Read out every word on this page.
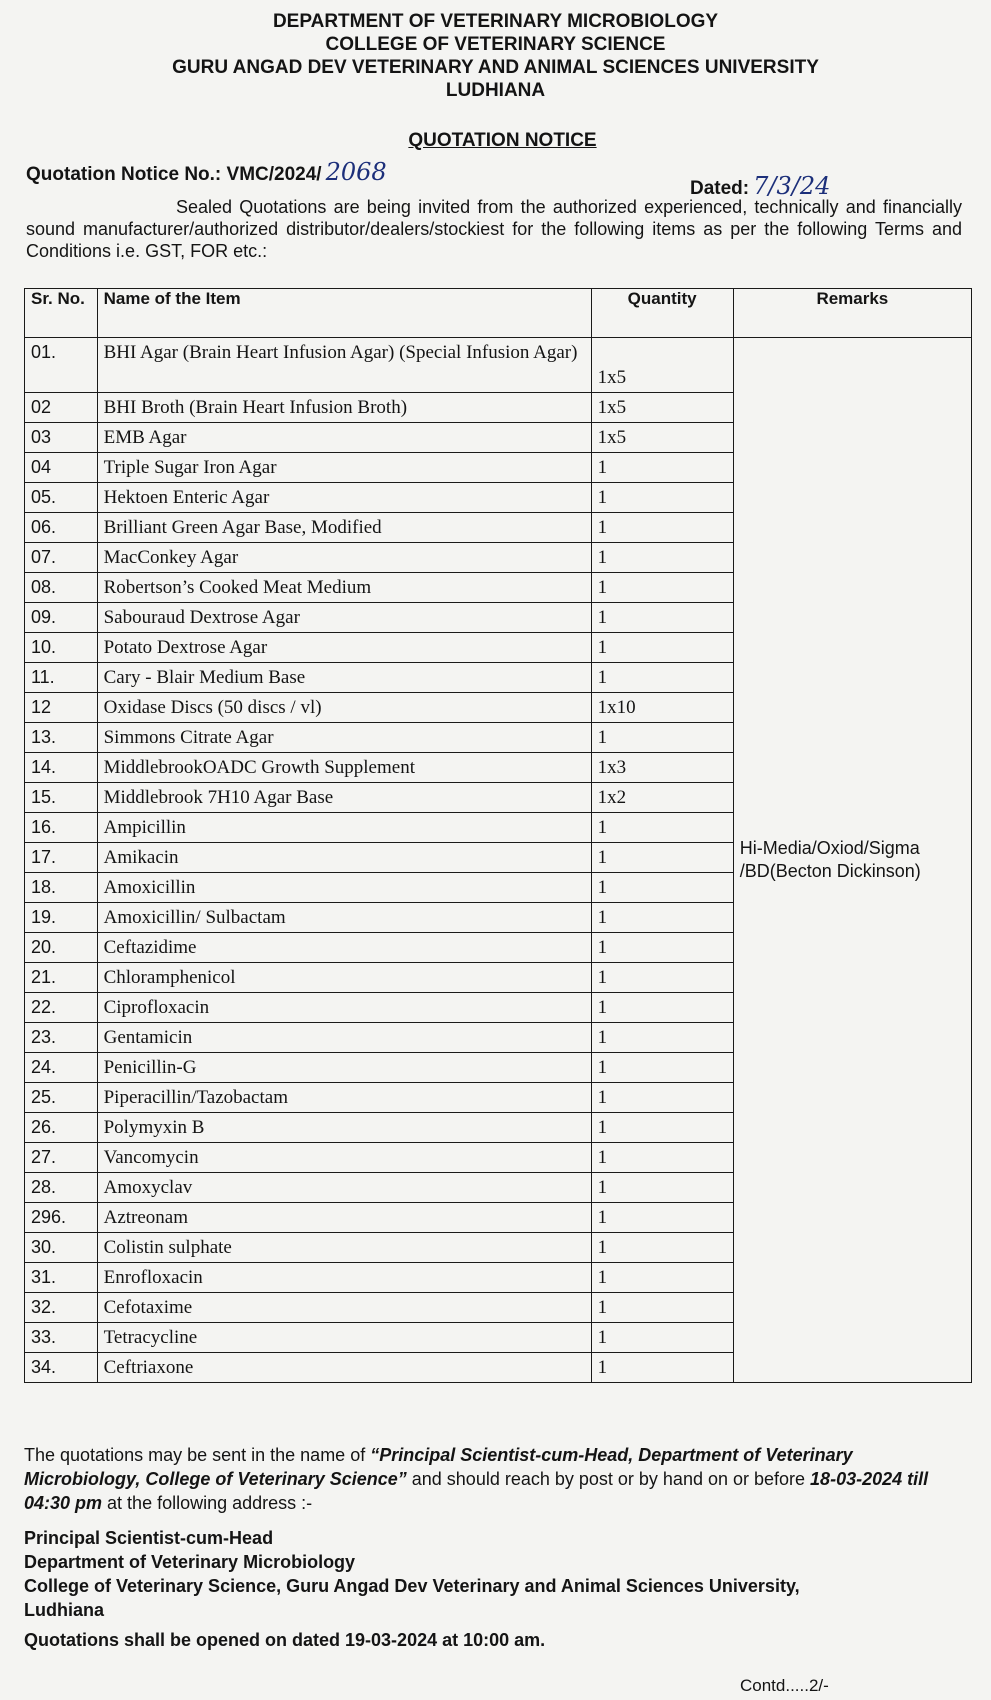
DEPARTMENT OF VETERINARY MICROBIOLOGY
COLLEGE OF VETERINARY SCIENCE
GURU ANGAD DEV VETERINARY AND ANIMAL SCIENCES UNIVERSITY
LUDHIANA
QUOTATION NOTICE
Quotation Notice No.: VMC/2024/ 2068
Dated: 7/3/24
Sealed Quotations are being invited from the authorized experienced, technically and financially sound manufacturer/authorized distributor/dealers/stockiest for the following items as per the following Terms and Conditions i.e. GST, FOR etc.:
Sr. No.	Name of the Item	Quantity	Remarks
01.	BHI Agar (Brain Heart Infusion Agar) (Special Infusion Agar)	1x5	Hi-Media/Oxiod/Sigma /BD(Becton Dickinson)
02	BHI Broth (Brain Heart Infusion Broth)	1x5	
03	EMB Agar	1x5	
04	Triple Sugar Iron Agar	1	
05.	Hektoen Enteric Agar	1	
06.	Brilliant Green Agar Base, Modified	1	
07.	MacConkey Agar	1	
08.	Robertson’s Cooked Meat Medium	1	
09.	Sabouraud Dextrose Agar	1	
10.	Potato Dextrose Agar	1	
11.	Cary - Blair Medium Base	1	
12	Oxidase Discs (50 discs / vl)	1x10	
13.	Simmons Citrate Agar	1	
14.	MiddlebrookOADC Growth Supplement	1x3	
15.	Middlebrook 7H10 Agar Base	1x2	
16.	Ampicillin	1	
17.	Amikacin	1	
18.	Amoxicillin	1	
19.	Amoxicillin/ Sulbactam	1	
20.	Ceftazidime	1	
21.	Chloramphenicol	1	
22.	Ciprofloxacin	1	
23.	Gentamicin	1	
24.	Penicillin-G	1	
25.	Piperacillin/Tazobactam	1	
26.	Polymyxin B	1	
27.	Vancomycin	1	
28.	Amoxyclav	1	
296.	Aztreonam	1	
30.	Colistin sulphate	1	
31.	Enrofloxacin	1	
32.	Cefotaxime	1	
33.	Tetracycline	1	
34.	Ceftriaxone	1	

The quotations may be sent in the name of “Principal Scientist-cum-Head, Department of Veterinary Microbiology, College of Veterinary Science” and should reach by post or by hand on or before 18-03-2024 till 04:30 pm at the following address :-

Principal Scientist-cum-Head
Department of Veterinary Microbiology
College of Veterinary Science, Guru Angad Dev Veterinary and Animal Sciences University,
Ludhiana
Quotations shall be opened on dated 19-03-2024 at 10:00 am.
Contd.....2/-
